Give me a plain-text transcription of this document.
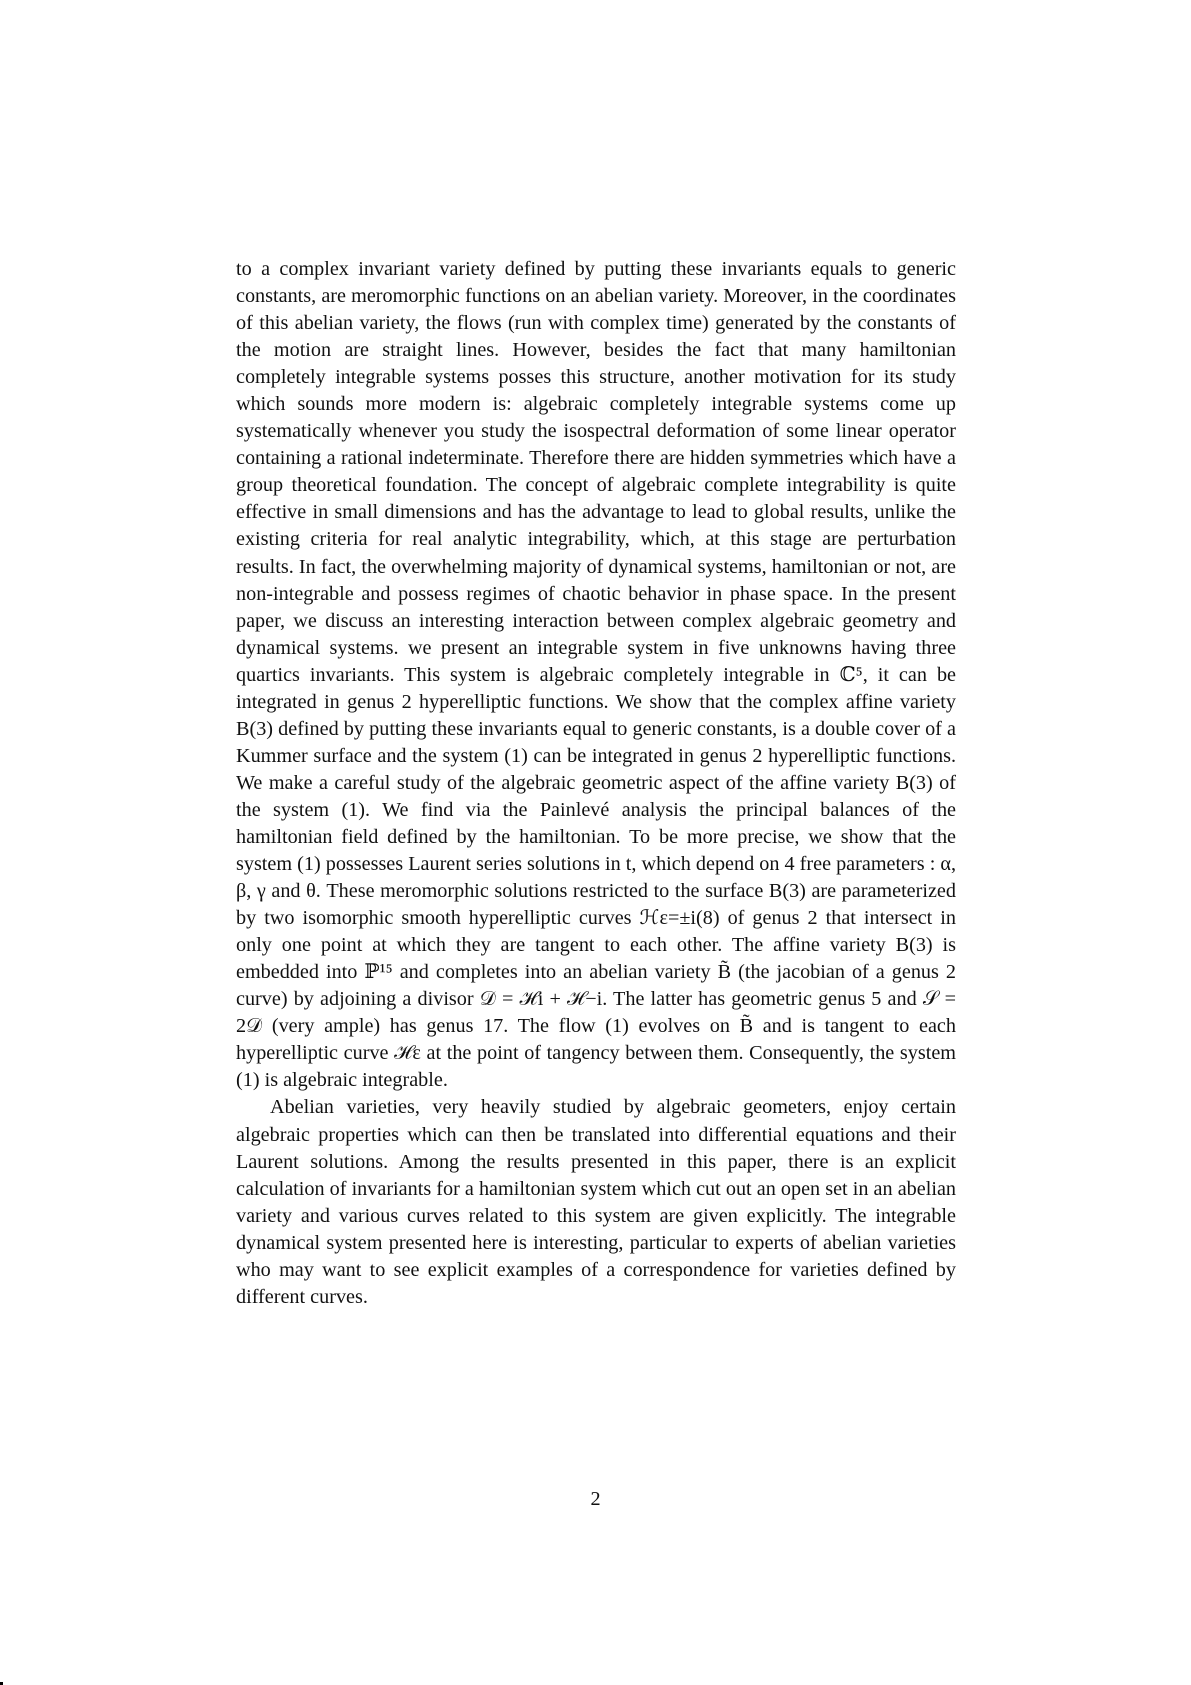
to a complex invariant variety defined by putting these invariants equals to generic constants, are meromorphic functions on an abelian variety. Moreover, in the coordinates of this abelian variety, the flows (run with complex time) generated by the constants of the motion are straight lines. However, besides the fact that many hamiltonian completely integrable systems posses this structure, another motivation for its study which sounds more modern is: algebraic completely integrable systems come up systematically whenever you study the isospectral deformation of some linear operator containing a rational indeterminate. Therefore there are hidden symmetries which have a group theoretical foundation. The concept of algebraic complete integrability is quite effective in small dimensions and has the advantage to lead to global results, unlike the existing criteria for real analytic integrability, which, at this stage are perturbation results. In fact, the overwhelming majority of dynamical systems, hamiltonian or not, are non-integrable and possess regimes of chaotic behavior in phase space. In the present paper, we discuss an interesting interaction between complex algebraic geometry and dynamical systems. we present an integrable system in five unknowns having three quartics invariants. This system is algebraic completely integrable in ℂ⁵, it can be integrated in genus 2 hyperelliptic functions. We show that the complex affine variety B(3) defined by putting these invariants equal to generic constants, is a double cover of a Kummer surface and the system (1) can be integrated in genus 2 hyperelliptic functions. We make a careful study of the algebraic geometric aspect of the affine variety B(3) of the system (1). We find via the Painlevé analysis the principal balances of the hamiltonian field defined by the hamiltonian. To be more precise, we show that the system (1) possesses Laurent series solutions in t, which depend on 4 free parameters : α, β, γ and θ. These meromorphic solutions restricted to the surface B(3) are parameterized by two isomorphic smooth hyperelliptic curves ℋε=±i(8) of genus 2 that intersect in only one point at which they are tangent to each other. The affine variety B(3) is embedded into ℙ¹⁵ and completes into an abelian variety B̃ (the jacobian of a genus 2 curve) by adjoining a divisor 𝒟 = ℋi + ℋ−i. The latter has geometric genus 5 and 𝒮 = 2𝒟 (very ample) has genus 17. The flow (1) evolves on B̃ and is tangent to each hyperelliptic curve ℋε at the point of tangency between them. Consequently, the system (1) is algebraic integrable.

Abelian varieties, very heavily studied by algebraic geometers, enjoy certain algebraic properties which can then be translated into differential equations and their Laurent solutions. Among the results presented in this paper, there is an explicit calculation of invariants for a hamiltonian system which cut out an open set in an abelian variety and various curves related to this system are given explicitly. The integrable dynamical system presented here is interesting, particular to experts of abelian varieties who may want to see explicit examples of a correspondence for varieties defined by different curves.

2
